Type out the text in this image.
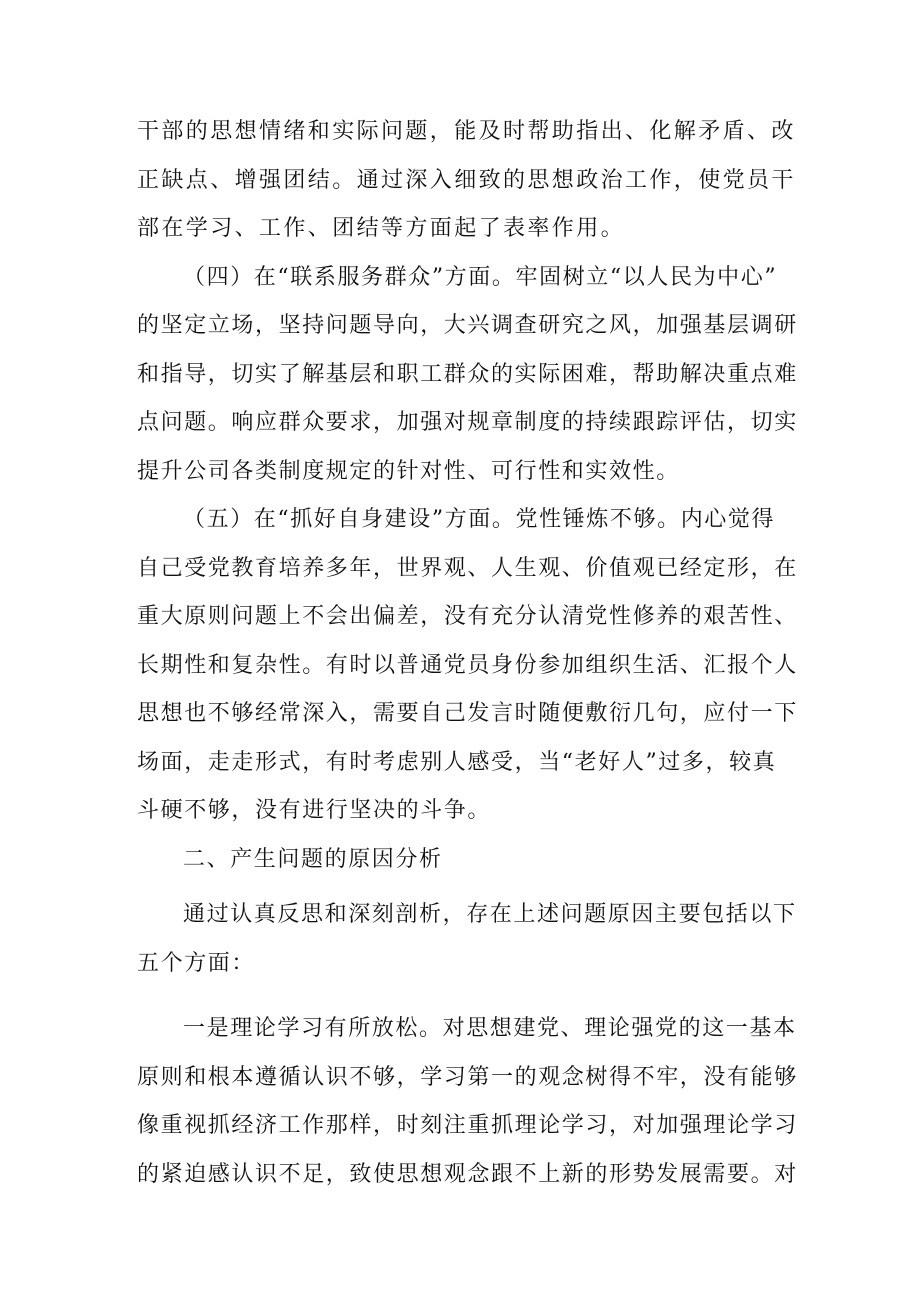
干部的思想情绪和实际问题，能及时帮助指出、化解矛盾、改
正缺点、增强团结。通过深入细致的思想政治工作，使党员干
部在学习、工作、团结等方面起了表率作用。
（四）在“联系服务群众”方面。牢固树立“以人民为中心”
的坚定立场，坚持问题导向，大兴调查研究之风，加强基层调研
和指导，切实了解基层和职工群众的实际困难，帮助解决重点难
点问题。响应群众要求，加强对规章制度的持续跟踪评估，切实
提升公司各类制度规定的针对性、可行性和实效性。
（五）在“抓好自身建设”方面。党性锤炼不够。内心觉得
自己受党教育培养多年，世界观、人生观、价值观已经定形，在
重大原则问题上不会出偏差，没有充分认清党性修养的艰苦性、
长期性和复杂性。有时以普通党员身份参加组织生活、汇报个人
思想也不够经常深入，需要自己发言时随便敷衍几句，应付一下
场面，走走形式，有时考虑别人感受，当“老好人”过多，较真
斗硬不够，没有进行坚决的斗争。
二、产生问题的原因分析
通过认真反思和深刻剖析，存在上述问题原因主要包括以下
五个方面：
一是理论学习有所放松。对思想建党、理论强党的这一基本
原则和根本遵循认识不够，学习第一的观念树得不牢，没有能够
像重视抓经济工作那样，时刻注重抓理论学习，对加强理论学习
的紧迫感认识不足，致使思想观念跟不上新的形势发展需要。对
